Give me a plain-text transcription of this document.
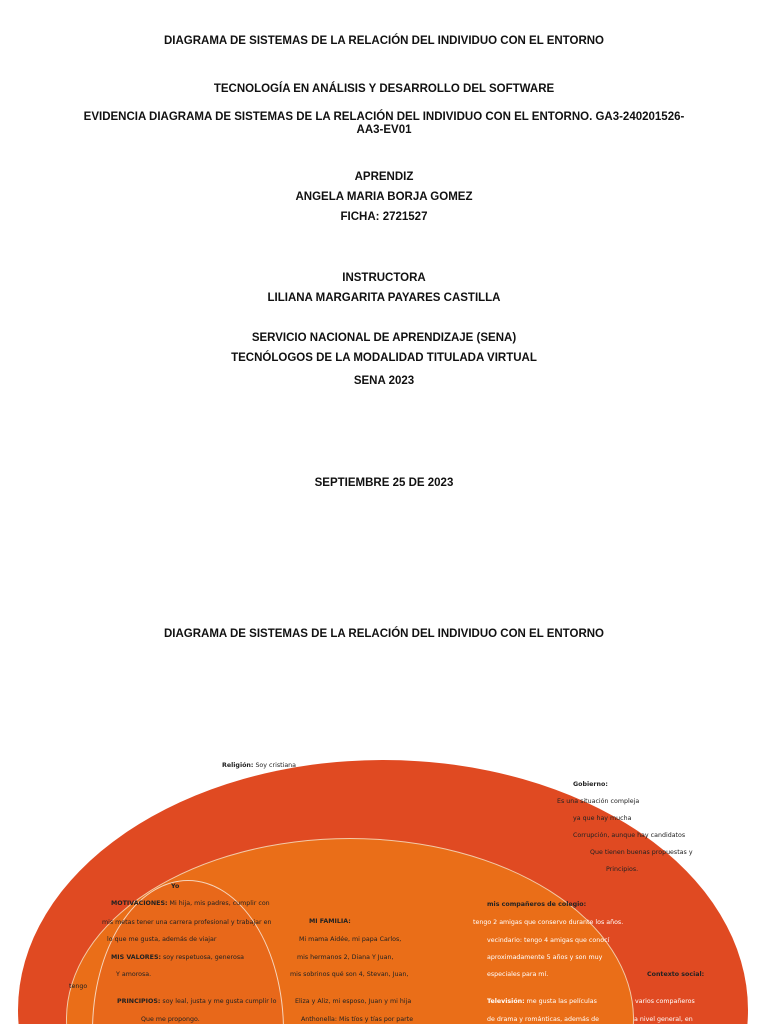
DIAGRAMA DE SISTEMAS DE LA RELACIÓN DEL INDIVIDUO CON EL ENTORNO
TECNOLOGÍA EN ANÁLISIS Y DESARROLLO DEL SOFTWARE
EVIDENCIA DIAGRAMA DE SISTEMAS DE LA RELACIÓN DEL INDIVIDUO CON EL ENTORNO. GA3-240201526-
AA3-EV01
APRENDIZ
ANGELA MARIA BORJA GOMEZ
FICHA: 2721527
INSTRUCTORA
LILIANA MARGARITA PAYARES CASTILLA
SERVICIO NACIONAL DE APRENDIZAJE (SENA)
TECNÓLOGOS DE LA MODALIDAD TITULADA VIRTUAL
SENA 2023
SEPTIEMBRE 25 DE 2023
DIAGRAMA DE SISTEMAS DE LA RELACIÓN DEL INDIVIDUO CON EL ENTORNO
Religión: Soy cristiana
Gobierno:
Es una situación compleja
ya que hay mucha
Corrupción, aunque hay candidatos
Que tienen buenas propuestas y
Principios.
Yo
MOTIVACIONES: Mi hija, mis padres, cumplir con
mis metas tener una carrera profesional y trabajar en
lo que me gusta, además de viajar
MIS VALORES: soy respetuosa, generosa
Y amorosa.
PRINCIPIOS: soy leal, justa y me gusta cumplir lo
Que me propongo.
MI FAMILIA:
Mi mama Aidée, mi papa Carlos,
mis hermanos 2, Diana Y Juan,
mis sobrinos qué son 4, Stevan, Juan,
Eliza y Aliz, mi esposo, Juan y mi hija
Anthonella: Mis tíos y tías por parte
mis compañeros de colegio:
tengo 2 amigas que conservo durante los años.
vecindario: tengo 4 amigas que conocí
aproximadamente 5 años y son muy
especiales para mí.
Televisión: me gusta las películas
de drama y románticas, además de
Contexto social:
varios compañeros
a nivel general, en
tengo
